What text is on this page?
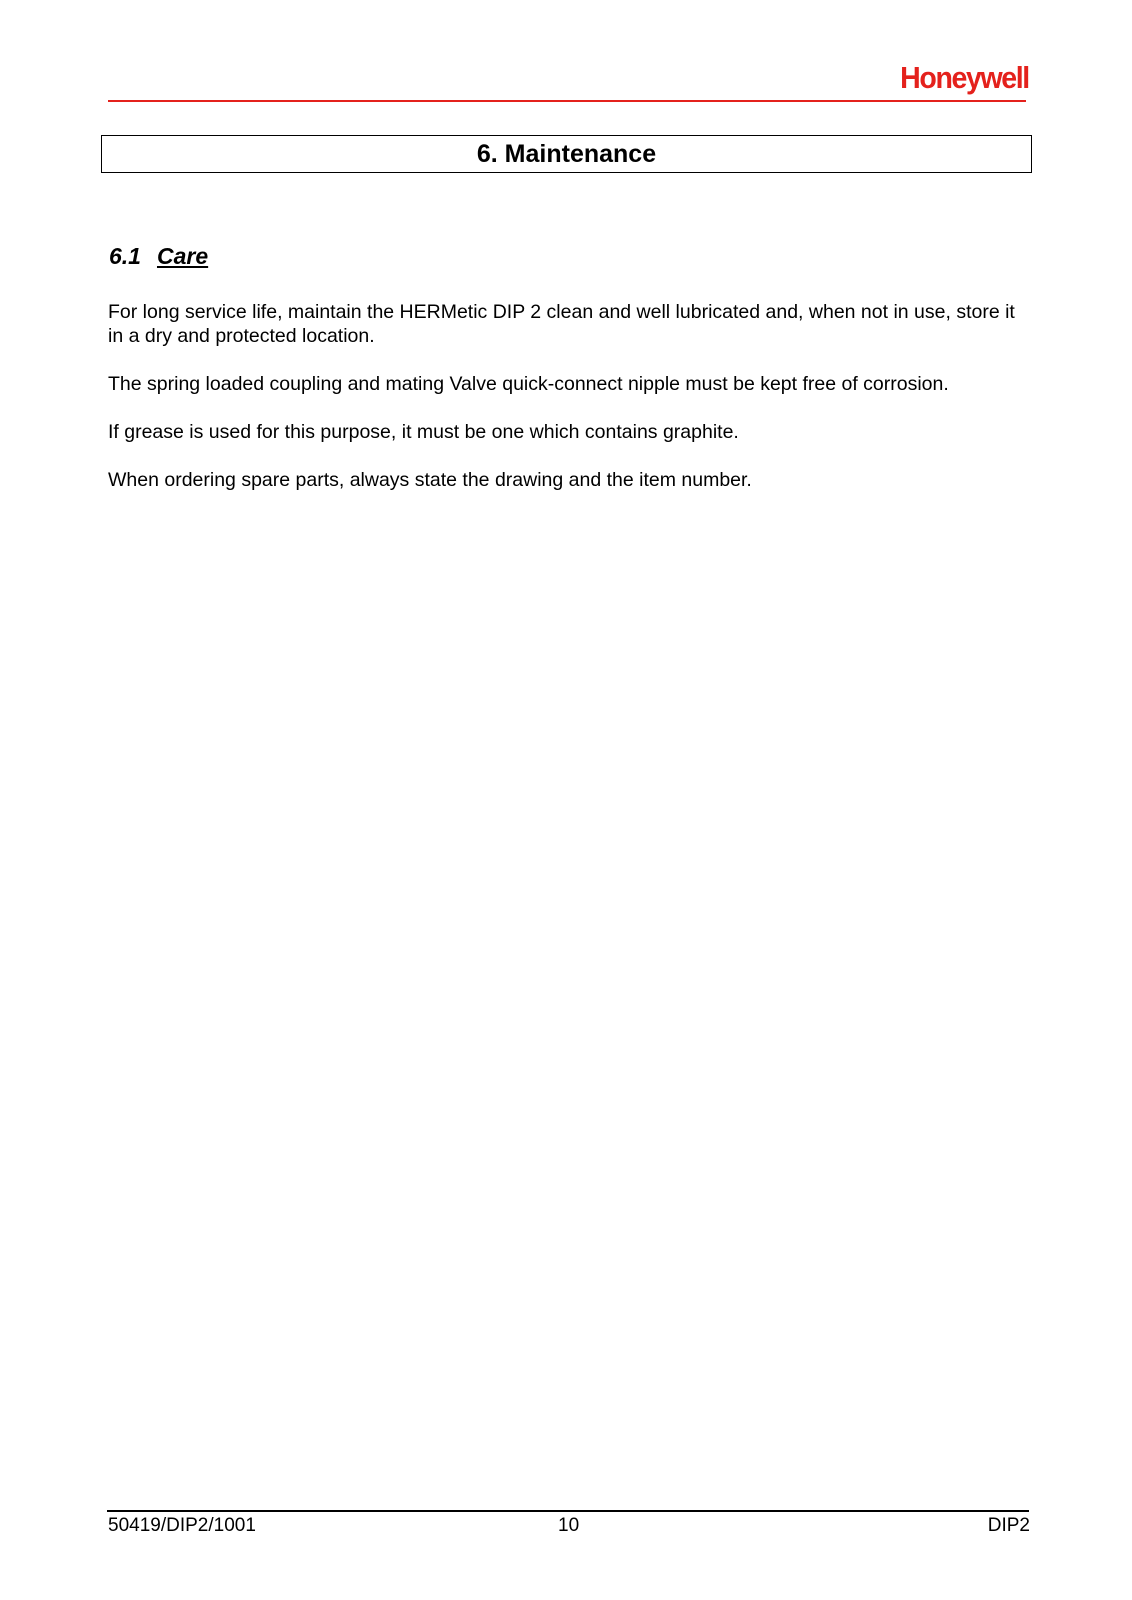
Honeywell
6. Maintenance
6.1 Care

For long service life, maintain the HERMetic DIP 2 clean and well lubricated and, when not in use, store it in a dry and protected location.

The spring loaded coupling and mating Valve quick-connect nipple must be kept free of corrosion.

If grease is used for this purpose, it must be one which contains graphite.

When ordering spare parts, always state the drawing and the item number.

50419/DIP2/1001	10	DIP2
